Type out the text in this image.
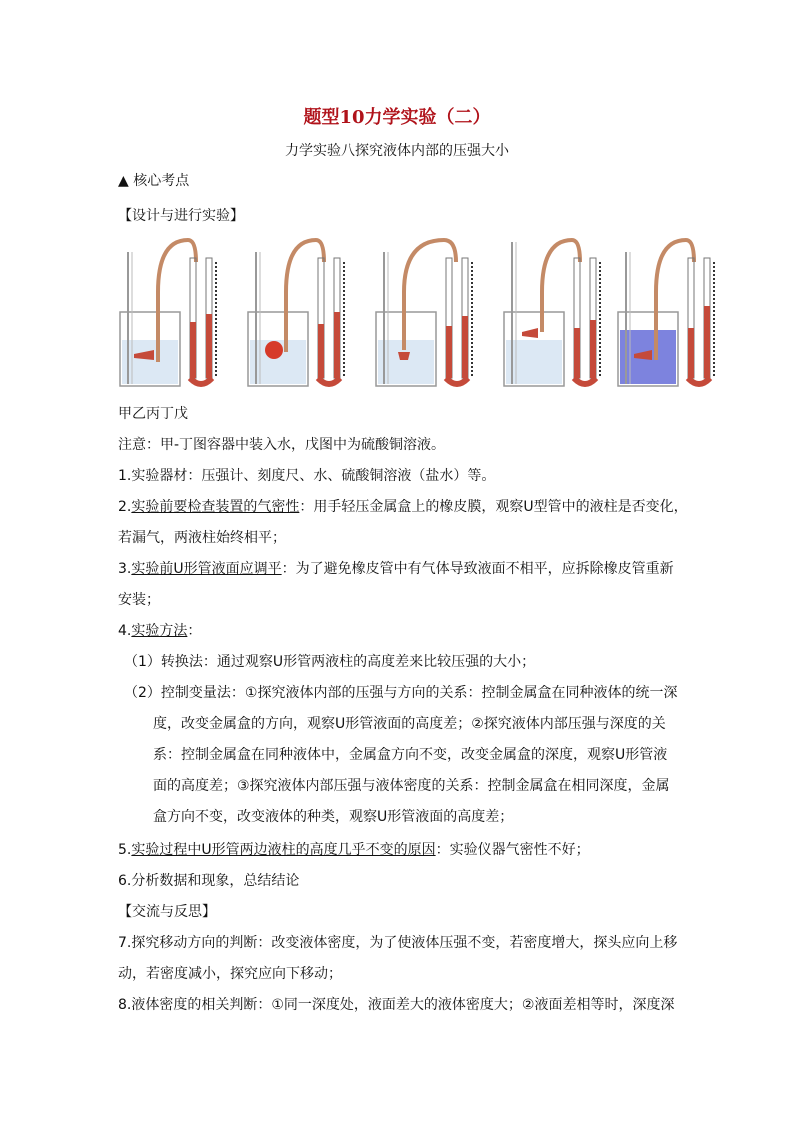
题型10力学实验（二）
力学实验八探究液体内部的压强大小
▲ 核心考点
【设计与进行实验】
甲乙丙丁戊
注意：甲-丁图容器中装入水，戊图中为硫酸铜溶液。
1.实验器材：压强计、刻度尺、水、硫酸铜溶液（盐水）等。
2.实验前要检查装置的气密性：用手轻压金属盒上的橡皮膜，观察U型管中的液柱是否变化，
若漏气，两液柱始终相平；
3.实验前U形管液面应调平：为了避免橡皮管中有气体导致液面不相平，应拆除橡皮管重新
安装；
4.实验方法：
（1）转换法：通过观察U形管两液柱的高度差来比较压强的大小；
（2）控制变量法：①探究液体内部的压强与方向的关系：控制金属盒在同种液体的统一深
度，改变金属盒的方向，观察U形管液面的高度差；②探究液体内部压强与深度的关
系：控制金属盒在同种液体中，金属盒方向不变，改变金属盒的深度，观察U形管液
面的高度差；③探究液体内部压强与液体密度的关系：控制金属盒在相同深度，金属
盒方向不变，改变液体的种类，观察U形管液面的高度差；
5.实验过程中U形管两边液柱的高度几乎不变的原因：实验仪器气密性不好；
6.分析数据和现象，总结结论
【交流与反思】
7.探究移动方向的判断：改变液体密度，为了使液体压强不变，若密度增大，探头应向上移
动，若密度减小，探究应向下移动；
8.液体密度的相关判断：①同一深度处，液面差大的液体密度大；②液面差相等时，深度深
